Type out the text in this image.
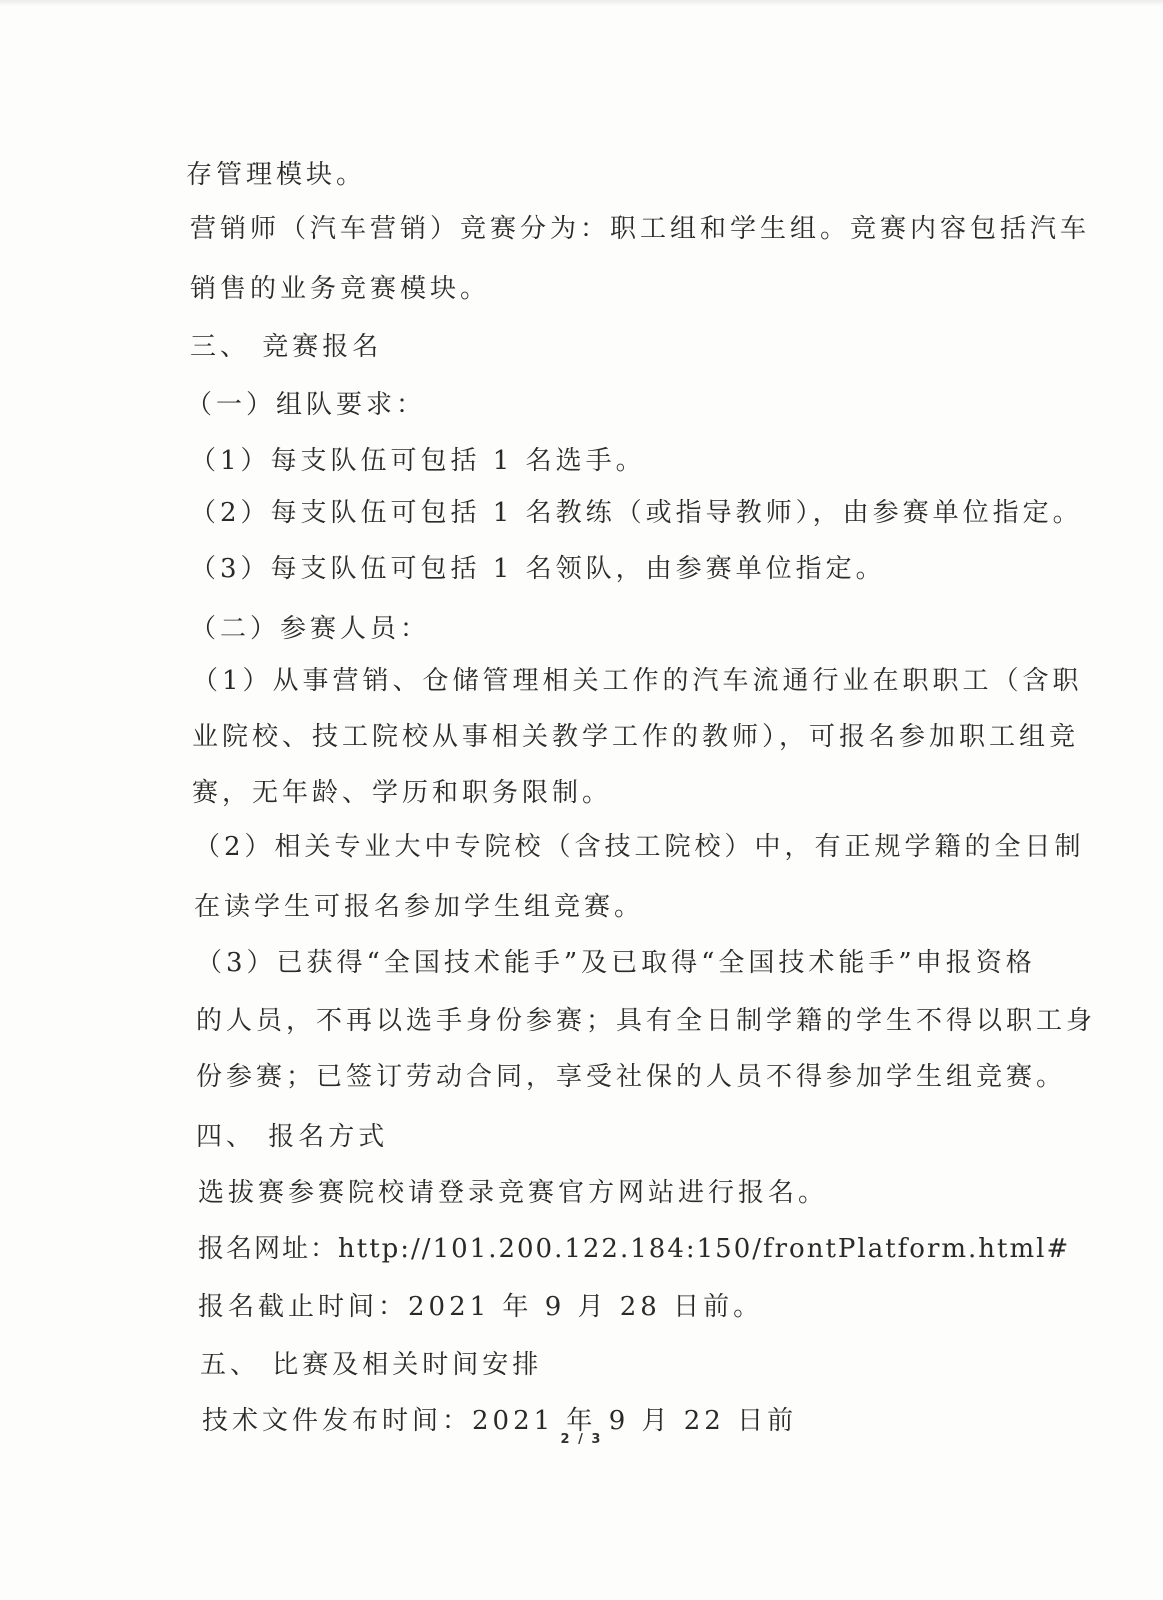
存管理模块。
营销师（汽车营销）竞赛分为：职工组和学生组。竞赛内容包括汽车
销售的业务竞赛模块。
三、 竞赛报名
（一）组队要求：
（1）每支队伍可包括 1 名选手。
（2）每支队伍可包括 1 名教练（或指导教师），由参赛单位指定。
（3）每支队伍可包括 1 名领队，由参赛单位指定。
（二）参赛人员：
（1）从事营销、仓储管理相关工作的汽车流通行业在职职工（含职
业院校、技工院校从事相关教学工作的教师），可报名参加职工组竞
赛，无年龄、学历和职务限制。
（2）相关专业大中专院校（含技工院校）中，有正规学籍的全日制
在读学生可报名参加学生组竞赛。
（3）已获得“全国技术能手”及已取得“全国技术能手”申报资格
的人员，不再以选手身份参赛；具有全日制学籍的学生不得以职工身
份参赛；已签订劳动合同，享受社保的人员不得参加学生组竞赛。
四、 报名方式
选拔赛参赛院校请登录竞赛官方网站进行报名。
报名网址：http://101.200.122.184:150/frontPlatform.html#
报名截止时间：2021 年 9 月 28 日前。
五、 比赛及相关时间安排
技术文件发布时间：2021 年 9 月 22 日前
2 / 3
